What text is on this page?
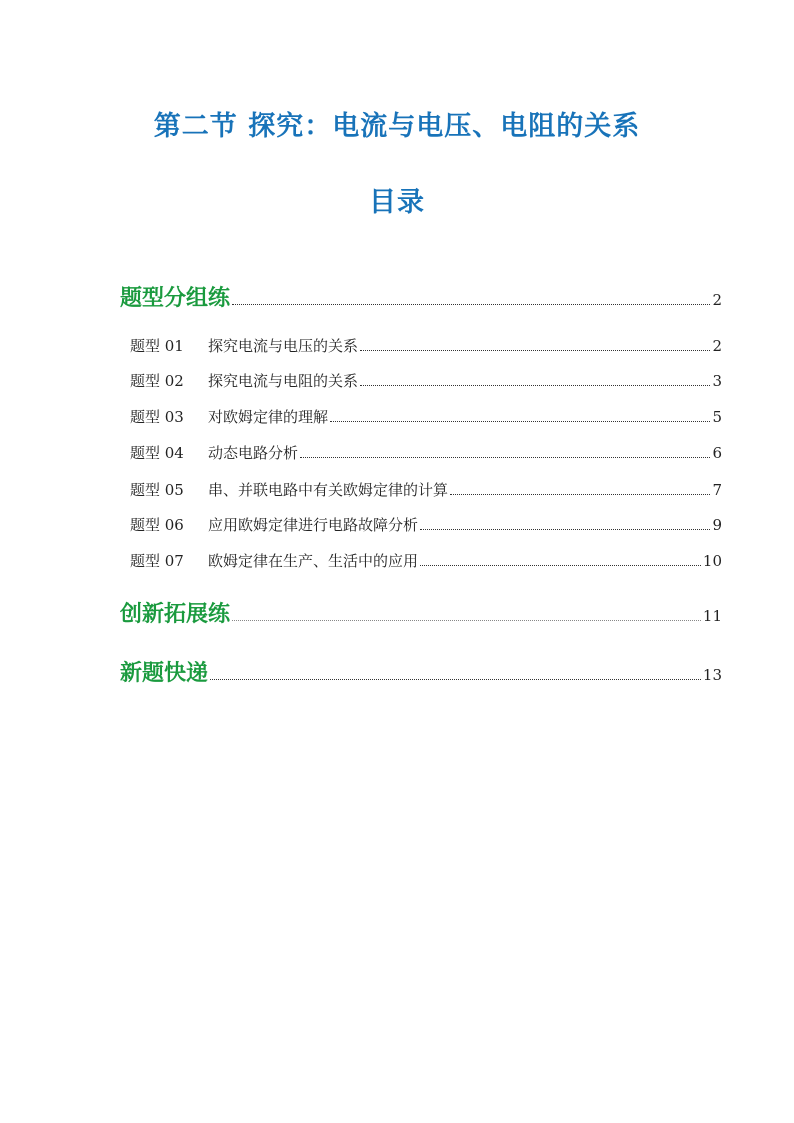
第二节 探究：电流与电压、电阻的关系
目录
题型分组练	2
题型 01	探究电流与电压的关系	2
题型 02	探究电流与电阻的关系	3
题型 03	对欧姆定律的理解	5
题型 04	动态电路分析	6
题型 05	串、并联电路中有关欧姆定律的计算	7
题型 06	应用欧姆定律进行电路故障分析	9
题型 07	欧姆定律在生产、生活中的应用	10
创新拓展练	11
新题快递	13
